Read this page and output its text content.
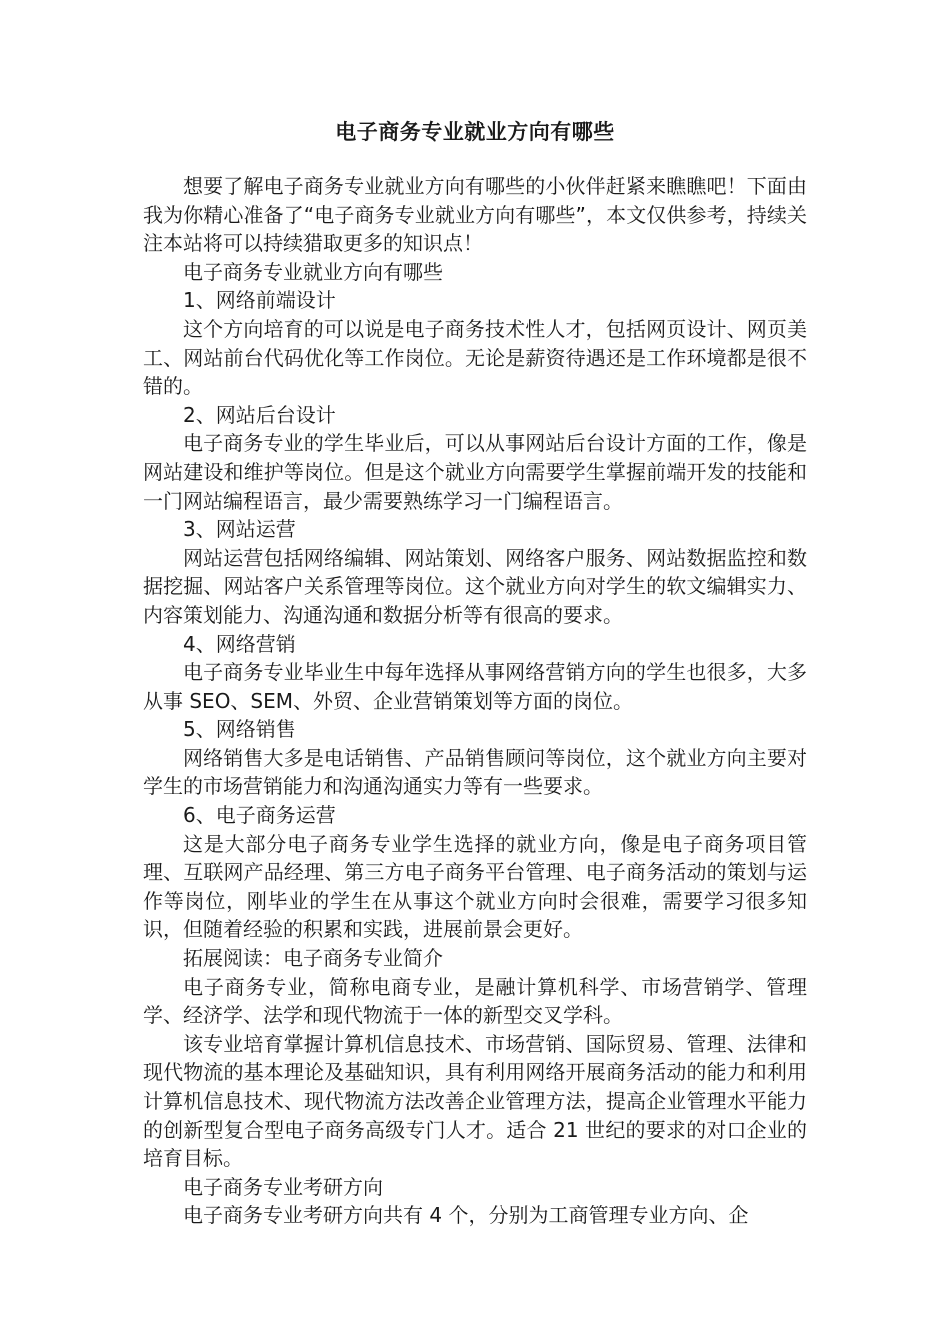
电子商务专业就业方向有哪些

想要了解电子商务专业就业方向有哪些的小伙伴赶紧来瞧瞧吧！下面由我为你精心准备了“电子商务专业就业方向有哪些”，本文仅供参考，持续关注本站将可以持续猎取更多的知识点！

电子商务专业就业方向有哪些

1、网络前端设计

这个方向培育的可以说是电子商务技术性人才，包括网页设计、网页美工、网站前台代码优化等工作岗位。无论是薪资待遇还是工作环境都是很不错的。

2、网站后台设计

电子商务专业的学生毕业后，可以从事网站后台设计方面的工作，像是网站建设和维护等岗位。但是这个就业方向需要学生掌握前端开发的技能和一门网站编程语言，最少需要熟练学习一门编程语言。

3、网站运营

网站运营包括网络编辑、网站策划、网络客户服务、网站数据监控和数据挖掘、网站客户关系管理等岗位。这个就业方向对学生的软文编辑实力、内容策划能力、沟通沟通和数据分析等有很高的要求。

4、网络营销

电子商务专业毕业生中每年选择从事网络营销方向的学生也很多，大多从事 SEO、SEM、外贸、企业营销策划等方面的岗位。

5、网络销售

网络销售大多是电话销售、产品销售顾问等岗位，这个就业方向主要对学生的市场营销能力和沟通沟通实力等有一些要求。

6、电子商务运营

这是大部分电子商务专业学生选择的就业方向，像是电子商务项目管理、互联网产品经理、第三方电子商务平台管理、电子商务活动的策划与运作等岗位，刚毕业的学生在从事这个就业方向时会很难，需要学习很多知识，但随着经验的积累和实践，进展前景会更好。

拓展阅读：电子商务专业简介

电子商务专业，简称电商专业，是融计算机科学、市场营销学、管理学、经济学、法学和现代物流于一体的新型交叉学科。

该专业培育掌握计算机信息技术、市场营销、国际贸易、管理、法律和现代物流的基本理论及基础知识，具有利用网络开展商务活动的能力和利用计算机信息技术、现代物流方法改善企业管理方法，提高企业管理水平能力的创新型复合型电子商务高级专门人才。适合 21 世纪的要求的对口企业的培育目标。

电子商务专业考研方向

电子商务专业考研方向共有 4 个，分别为工商管理专业方向、企
